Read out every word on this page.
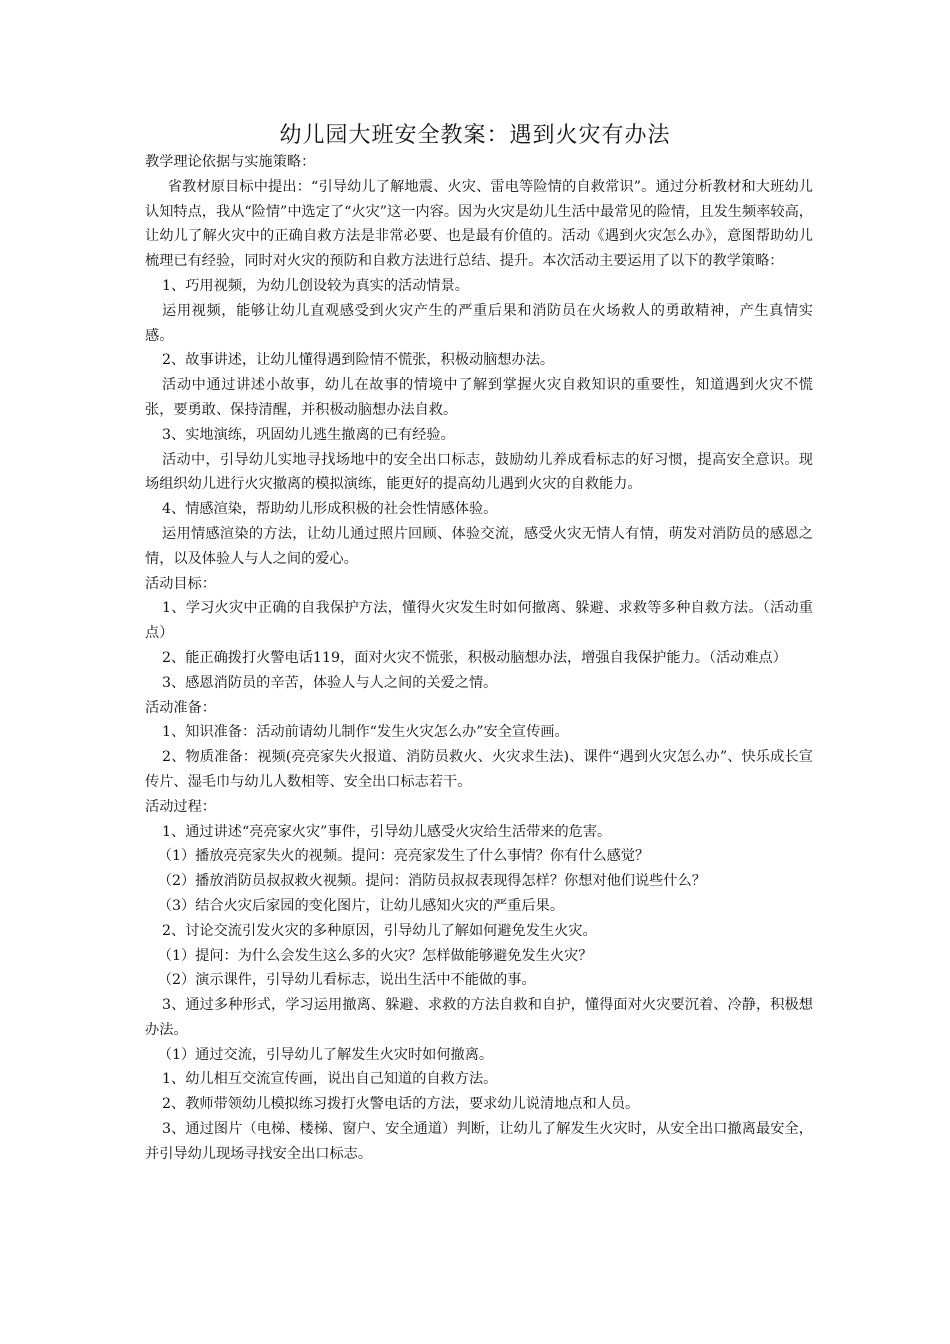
幼儿园大班安全教案：遇到火灾有办法

教学理论依据与实施策略：

省教材原目标中提出：“引导幼儿了解地震、火灾、雷电等险情的自救常识”。通过分析教材和大班幼儿认知特点，我从“险情”中选定了“火灾”这一内容。因为火灾是幼儿生活中最常见的险情，且发生频率较高，让幼儿了解火灾中的正确自救方法是非常必要、也是最有价值的。活动《遇到火灾怎么办》，意图帮助幼儿梳理已有经验，同时对火灾的预防和自救方法进行总结、提升。本次活动主要运用了以下的教学策略：

1、巧用视频，为幼儿创设较为真实的活动情景。

运用视频，能够让幼儿直观感受到火灾产生的严重后果和消防员在火场救人的勇敢精神，产生真情实感。

2、故事讲述，让幼儿懂得遇到险情不慌张，积极动脑想办法。

活动中通过讲述小故事，幼儿在故事的情境中了解到掌握火灾自救知识的重要性，知道遇到火灾不慌张，要勇敢、保持清醒，并积极动脑想办法自救。

3、实地演练，巩固幼儿逃生撤离的已有经验。

活动中，引导幼儿实地寻找场地中的安全出口标志，鼓励幼儿养成看标志的好习惯，提高安全意识。现场组织幼儿进行火灾撤离的模拟演练，能更好的提高幼儿遇到火灾的自救能力。

4、情感渲染，帮助幼儿形成积极的社会性情感体验。

运用情感渲染的方法，让幼儿通过照片回顾、体验交流，感受火灾无情人有情，萌发对消防员的感恩之情，以及体验人与人之间的爱心。

活动目标：

1、学习火灾中正确的自我保护方法，懂得火灾发生时如何撤离、躲避、求救等多种自救方法。（活动重点）

2、能正确拨打火警电话119，面对火灾不慌张，积极动脑想办法，增强自我保护能力。（活动难点）

3、感恩消防员的辛苦，体验人与人之间的关爱之情。

活动准备：

1、知识准备：活动前请幼儿制作“发生火灾怎么办”安全宣传画。

2、物质准备：视频(亮亮家失火报道、消防员救火、火灾求生法)、课件“遇到火灾怎么办”、快乐成长宣传片、湿毛巾与幼儿人数相等、安全出口标志若干。

活动过程：

1、通过讲述“亮亮家火灾”事件，引导幼儿感受火灾给生活带来的危害。

（1）播放亮亮家失火的视频。提问：亮亮家发生了什么事情？你有什么感觉？

（2）播放消防员叔叔救火视频。提问：消防员叔叔表现得怎样？你想对他们说些什么？

（3）结合火灾后家园的变化图片，让幼儿感知火灾的严重后果。

2、讨论交流引发火灾的多种原因，引导幼儿了解如何避免发生火灾。

（1）提问：为什么会发生这么多的火灾？怎样做能够避免发生火灾？

（2）演示课件，引导幼儿看标志，说出生活中不能做的事。

3、通过多种形式，学习运用撤离、躲避、求救的方法自救和自护，懂得面对火灾要沉着、冷静，积极想办法。

（1）通过交流，引导幼儿了解发生火灾时如何撤离。

1、幼儿相互交流宣传画，说出自己知道的自救方法。

2、教师带领幼儿模拟练习拨打火警电话的方法，要求幼儿说清地点和人员。

3、通过图片（电梯、楼梯、窗户、安全通道）判断，让幼儿了解发生火灾时，从安全出口撤离最安全，并引导幼儿现场寻找安全出口标志。
